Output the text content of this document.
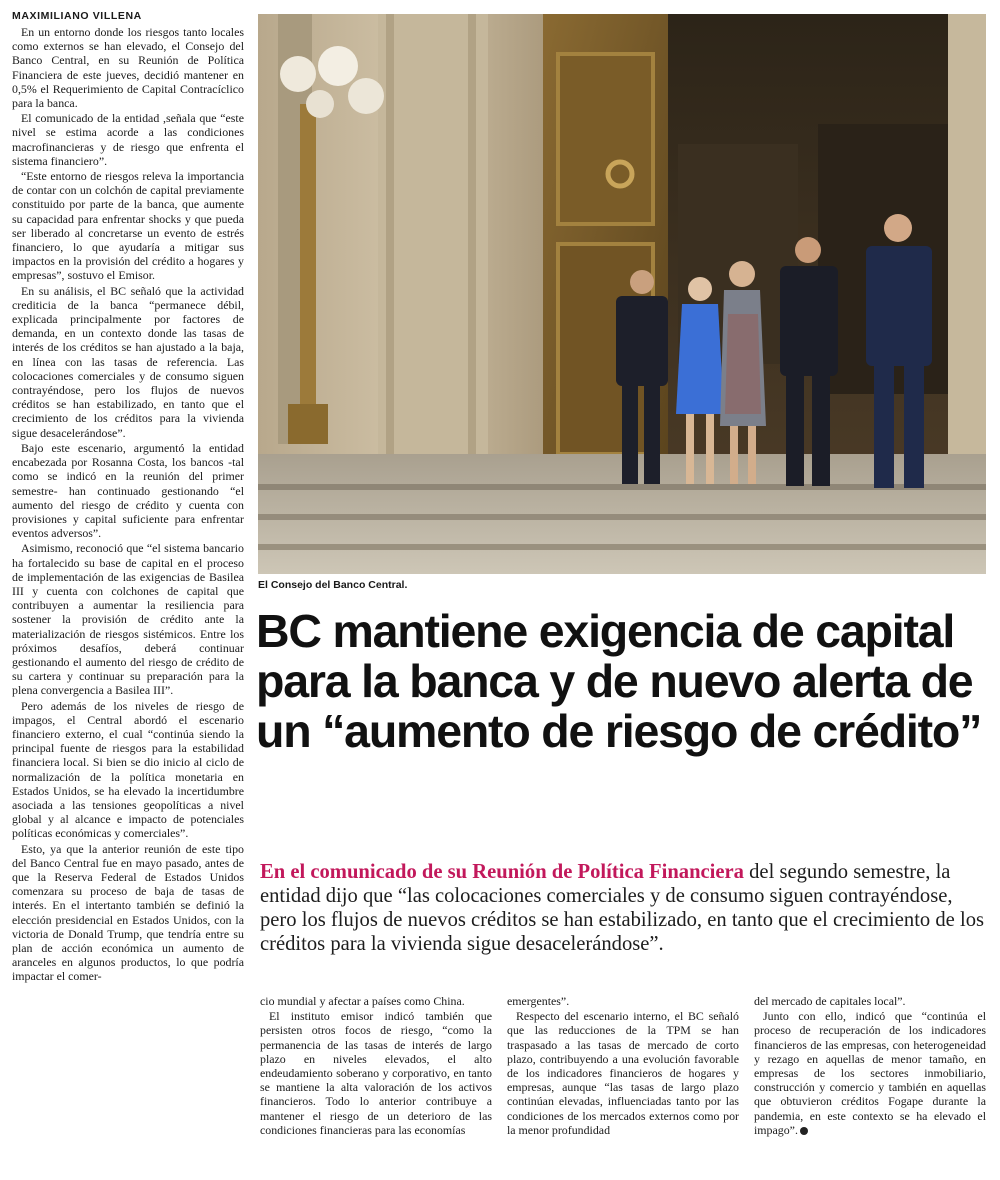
MAXIMILIANO VILLENA

En un entorno donde los riesgos tanto locales como externos se han elevado, el Consejo del Banco Central, en su Reunión de Política Financiera de este jueves, decidió mantener en 0,5% el Requerimiento de Capital Contracíclico para la banca.

El comunicado de la entidad ,señala que “este nivel se estima acorde a las condiciones macrofinancieras y de riesgo que enfrenta el sistema financiero”.

“Este entorno de riesgos releva la importancia de contar con un colchón de capital previamente constituido por parte de la banca, que aumente su capacidad para enfrentar shocks y que pueda ser liberado al concretarse un evento de estrés financiero, lo que ayudaría a mitigar sus impactos en la provisión del crédito a hogares y empresas”, sostuvo el Emisor.

En su análisis, el BC señaló que la actividad crediticia de la banca “permanece débil, explicada principalmente por factores de demanda, en un contexto donde las tasas de interés de los créditos se han ajustado a la baja, en línea con las tasas de referencia. Las colocaciones comerciales y de consumo siguen contrayéndose, pero los flujos de nuevos créditos se han estabilizado, en tanto que el crecimiento de los créditos para la vivienda sigue desacelerándose”.

Bajo este escenario, argumentó la entidad encabezada por Rosanna Costa, los bancos -tal como se indicó en la reunión del primer semestre- han continuado gestionando “el aumento del riesgo de crédito y cuenta con provisiones y capital suficiente para enfrentar eventos adversos”.

Asimismo, reconoció que “el sistema bancario ha fortalecido su base de capital en el proceso de implementación de las exigencias de Basilea III y cuenta con colchones de capital que contribuyen a aumentar la resiliencia para sostener la provisión de crédito ante la materialización de riesgos sistémicos. Entre los próximos desafíos, deberá continuar gestionando el aumento del riesgo de crédito de su cartera y continuar su preparación para la plena convergencia a Basilea III”.

Pero además de los niveles de riesgo de impagos, el Central abordó el escenario financiero externo, el cual “continúa siendo la principal fuente de riesgos para la estabilidad financiera local. Si bien se dio inicio al ciclo de normalización de la política monetaria en Estados Unidos, se ha elevado la incertidumbre asociada a las tensiones geopolíticas a nivel global y al alcance e impacto de potenciales políticas económicas y comerciales”.

Esto, ya que la anterior reunión de este tipo del Banco Central fue en mayo pasado, antes de que la Reserva Federal de Estados Unidos comenzara su proceso de baja de tasas de interés. En el intertanto también se definió la elección presidencial en Estados Unidos, con la victoria de Donald Trump, que tendría entre su plan de acción económica un aumento de aranceles en algunos productos, lo que podría impactar el comer-

El Consejo del Banco Central.
BC mantiene exigencia de capital para la banca y de nuevo alerta de un “aumento de riesgo de crédito”

En el comunicado de su Reunión de Política Financiera del segundo semestre, la entidad dijo que “las colocaciones comerciales y de consumo siguen contrayéndose, pero los flujos de nuevos créditos se han estabilizado, en tanto que el crecimiento de los créditos para la vivienda sigue desacelerándose”.

cio mundial y afectar a países como China.

El instituto emisor indicó también que persisten otros focos de riesgo, “como la permanencia de las tasas de interés de largo plazo en niveles elevados, el alto endeudamiento soberano y corporativo, en tanto se mantiene la alta valoración de los activos financieros. Todo lo anterior contribuye a mantener el riesgo de un deterioro de las condiciones financieras para las economías

emergentes”.

Respecto del escenario interno, el BC señaló que las reducciones de la TPM se han traspasado a las tasas de mercado de corto plazo, contribuyendo a una evolución favorable de los indicadores financieros de hogares y empresas, aunque “las tasas de largo plazo continúan elevadas, influenciadas tanto por las condiciones de los mercados externos como por la menor profundidad

del mercado de capitales local”.

Junto con ello, indicó que “continúa el proceso de recuperación de los indicadores financieros de las empresas, con heterogeneidad y rezago en aquellas de menor tamaño, en empresas de los sectores inmobiliario, construcción y comercio y también en aquellas que obtuvieron créditos Fogape durante la pandemia, en este contexto se ha elevado el impago”.
